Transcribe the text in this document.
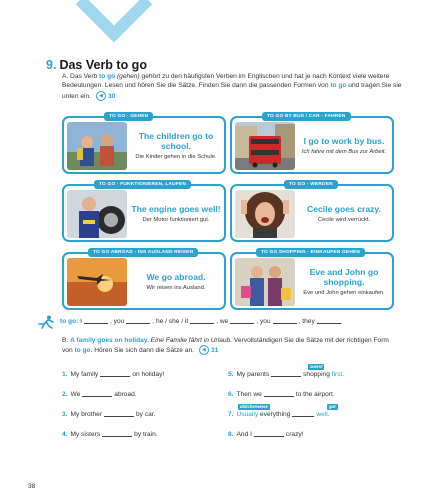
9. Das Verb to go
A. Das Verb to go (gehen) gehört zu den häufigsten Verben im Englischen und hat je nach Kontext viele weitere Bedeutungen. Lesen und hören Sie die Sätze. Finden Sie dann die passenden Formen von to go und tragen Sie sie unten ein. ◀ 30
TO GO - GEHEN
The children go to school.
Die Kinder gehen in die Schule.
TO GO BY BUS / CAR - FAHREN
I go to work by bus.
Ich fahre mit dem Bus zur Arbeit.
TO GO - FUNKTIONIEREN, LAUFEN
The engine goes well!
Der Motor funktioniert gut.
TO GO - WERDEN
Cecile goes crazy.
Cecile wird verrückt.
TO GO ABROAD - INS AUSLAND REISEN
We go abroad.
Wir reisen ins Ausland.
TO GO SHOPPING - EINKAUFEN GEHEN
Eve and John go shopping.
Eve und John gehen einkaufen.
to go: I	, you	, he / she / it	, we	, you	, they
B. A family goes on holiday. Eine Familie fährt in Urlaub. Vervollständigen Sie die Sätze mit der richtigen Form von to go. Hören Sie sich dann die Sätze an. ◀ 31
1. My family	on holiday!
2. We	abroad.
3. My brother	by car.
4. My sisters	by train.
zuerst
5. My parents	shopping first.
6. Then we	to the airport.
üblicherweise	gut
7. Usually everything	well.
8. And I	crazy!
38
